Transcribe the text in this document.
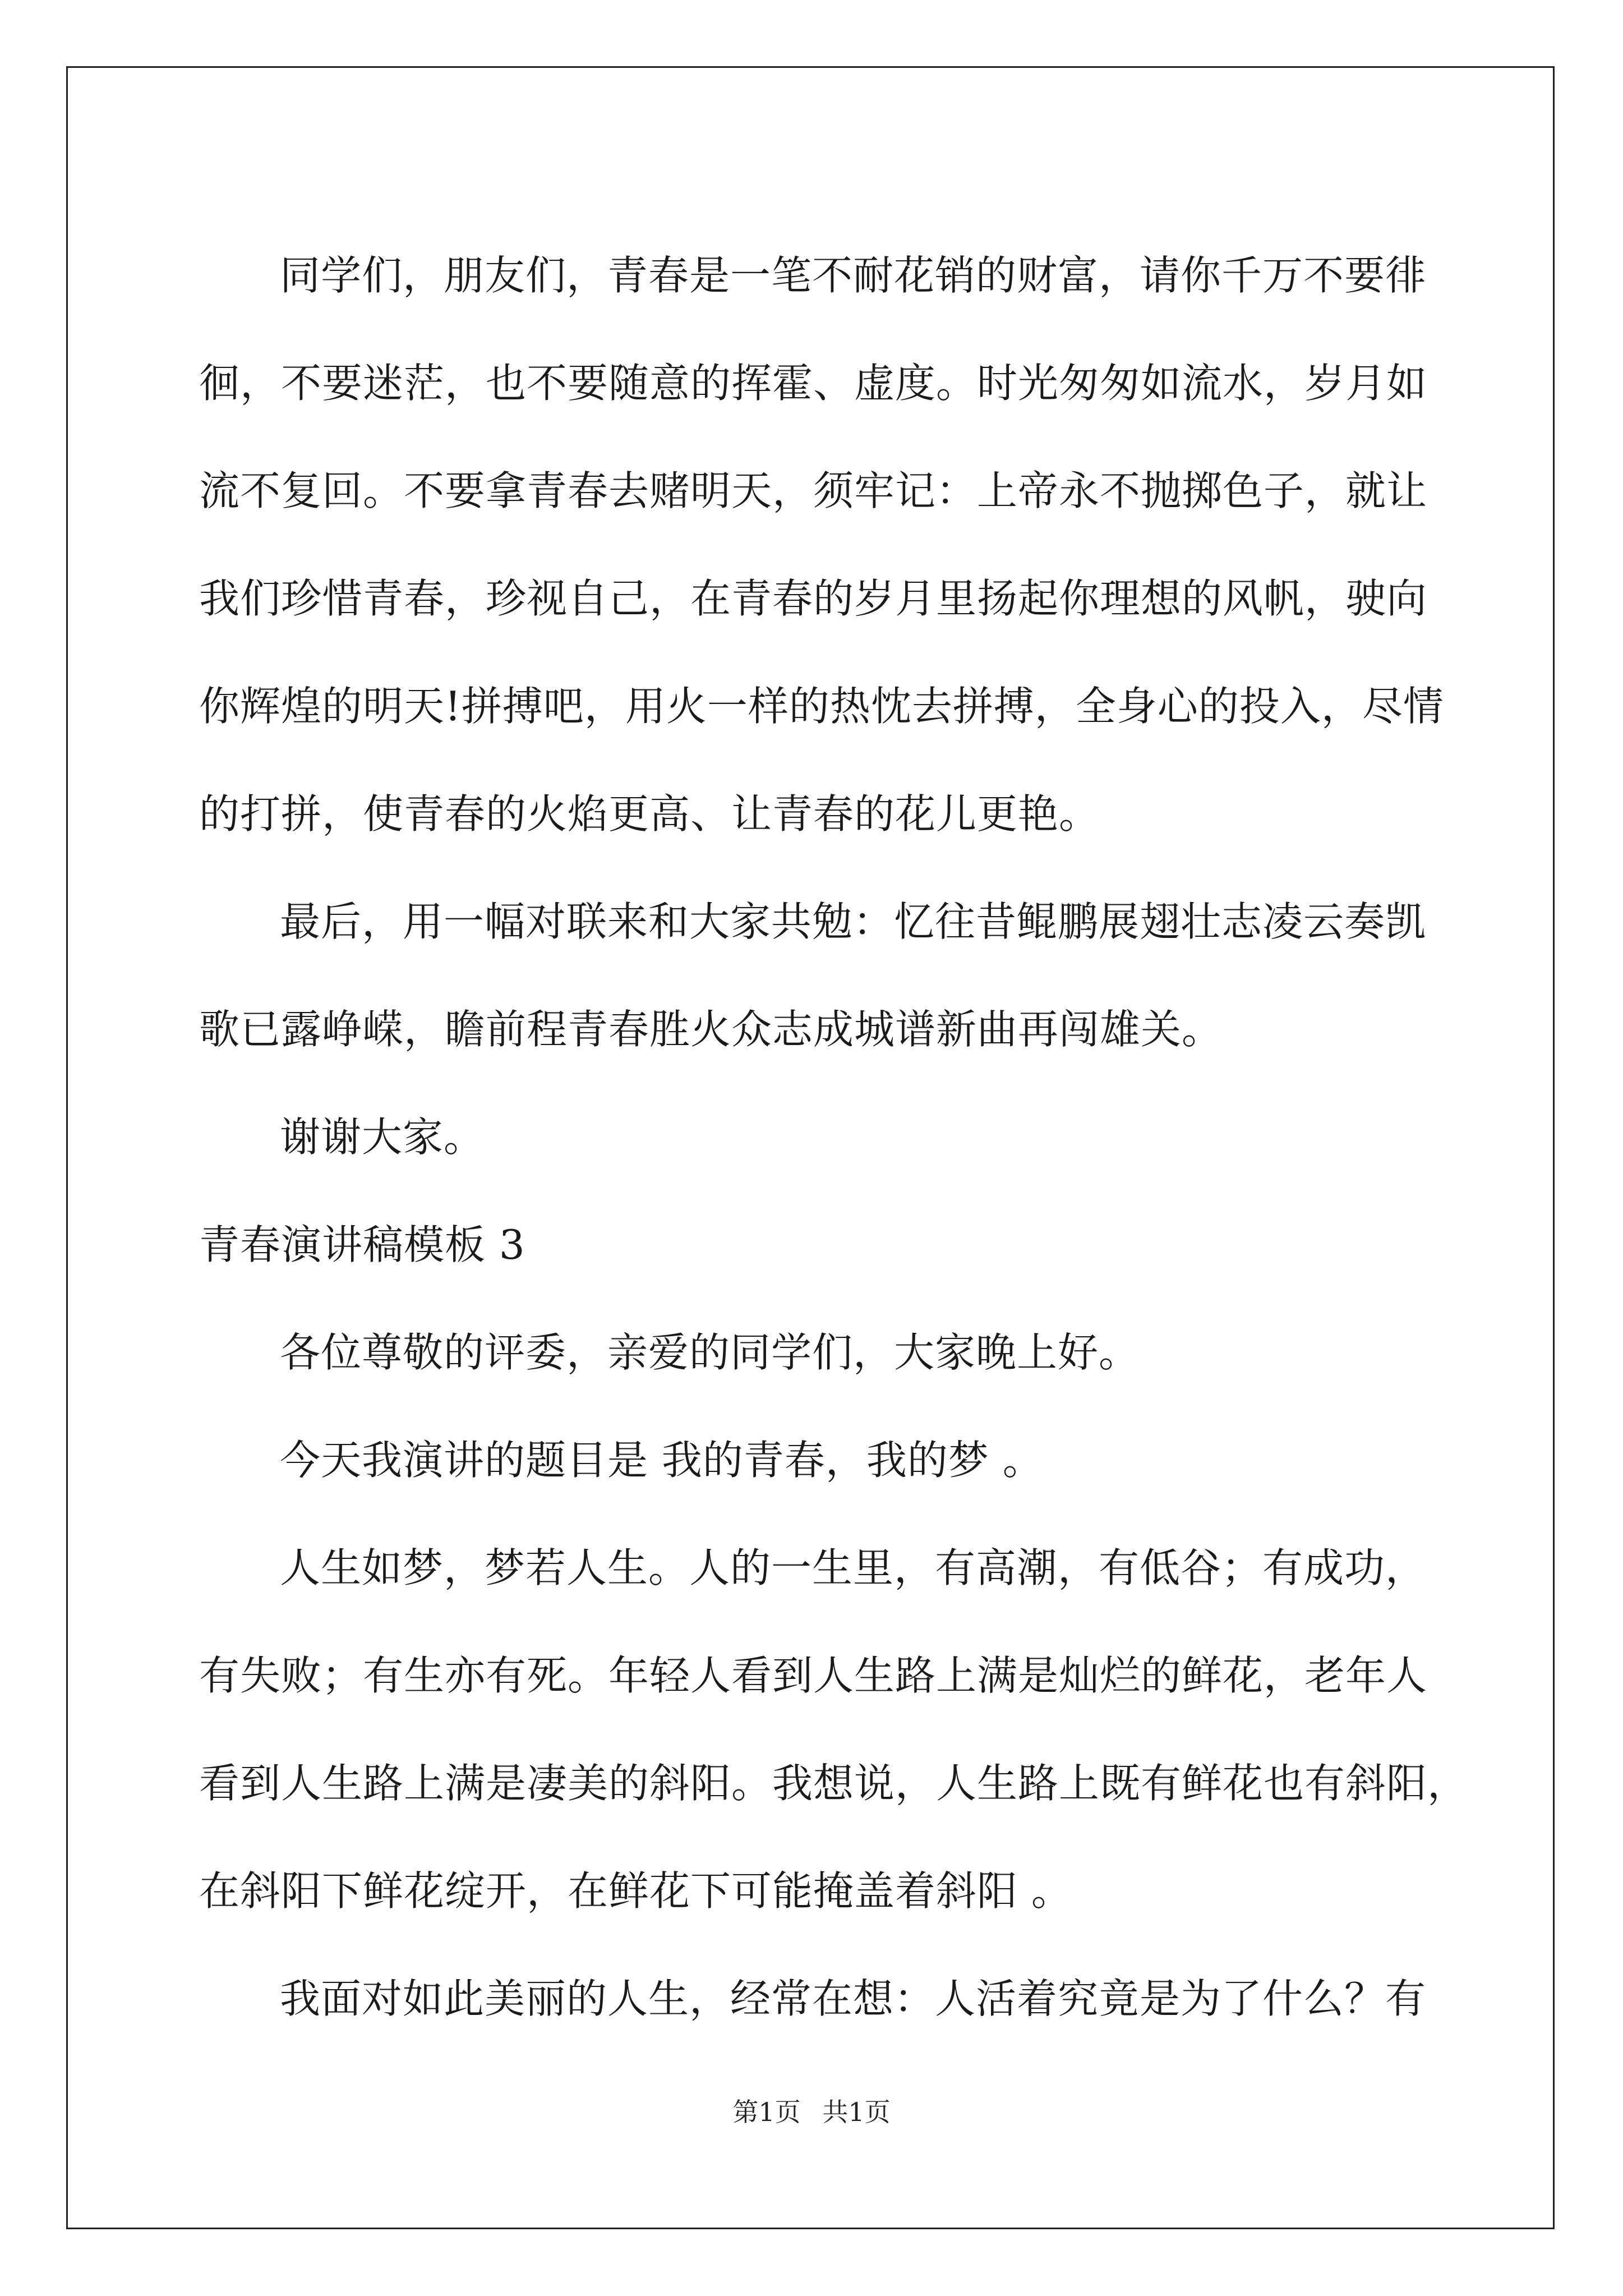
同学们，朋友们，青春是一笔不耐花销的财富，请你千万不要徘
徊，不要迷茫，也不要随意的挥霍、虚度。时光匆匆如流水，岁月如
流不复回。不要拿青春去赌明天，须牢记：上帝永不抛掷色子，就让
我们珍惜青春，珍视自己，在青春的岁月里扬起你理想的风帆，驶向
你辉煌的明天!拼搏吧，用火一样的热忱去拼搏，全身心的投入，尽情
的打拼，使青春的火焰更高、让青春的花儿更艳。
最后，用一幅对联来和大家共勉：忆往昔鲲鹏展翅壮志凌云奏凯
歌已露峥嵘，瞻前程青春胜火众志成城谱新曲再闯雄关。
谢谢大家。
青春演讲稿模板 3
各位尊敬的评委，亲爱的同学们，大家晚上好。
今天我演讲的题目是 我的青春，我的梦 。
人生如梦，梦若人生。人的一生里，有高潮，有低谷；有成功，
有失败；有生亦有死。年轻人看到人生路上满是灿烂的鲜花，老年人
看到人生路上满是凄美的斜阳。我想说，人生路上既有鲜花也有斜阳，
在斜阳下鲜花绽开，在鲜花下可能掩盖着斜阳 。
我面对如此美丽的人生，经常在想：人活着究竟是为了什么？有
第1页 共1页
